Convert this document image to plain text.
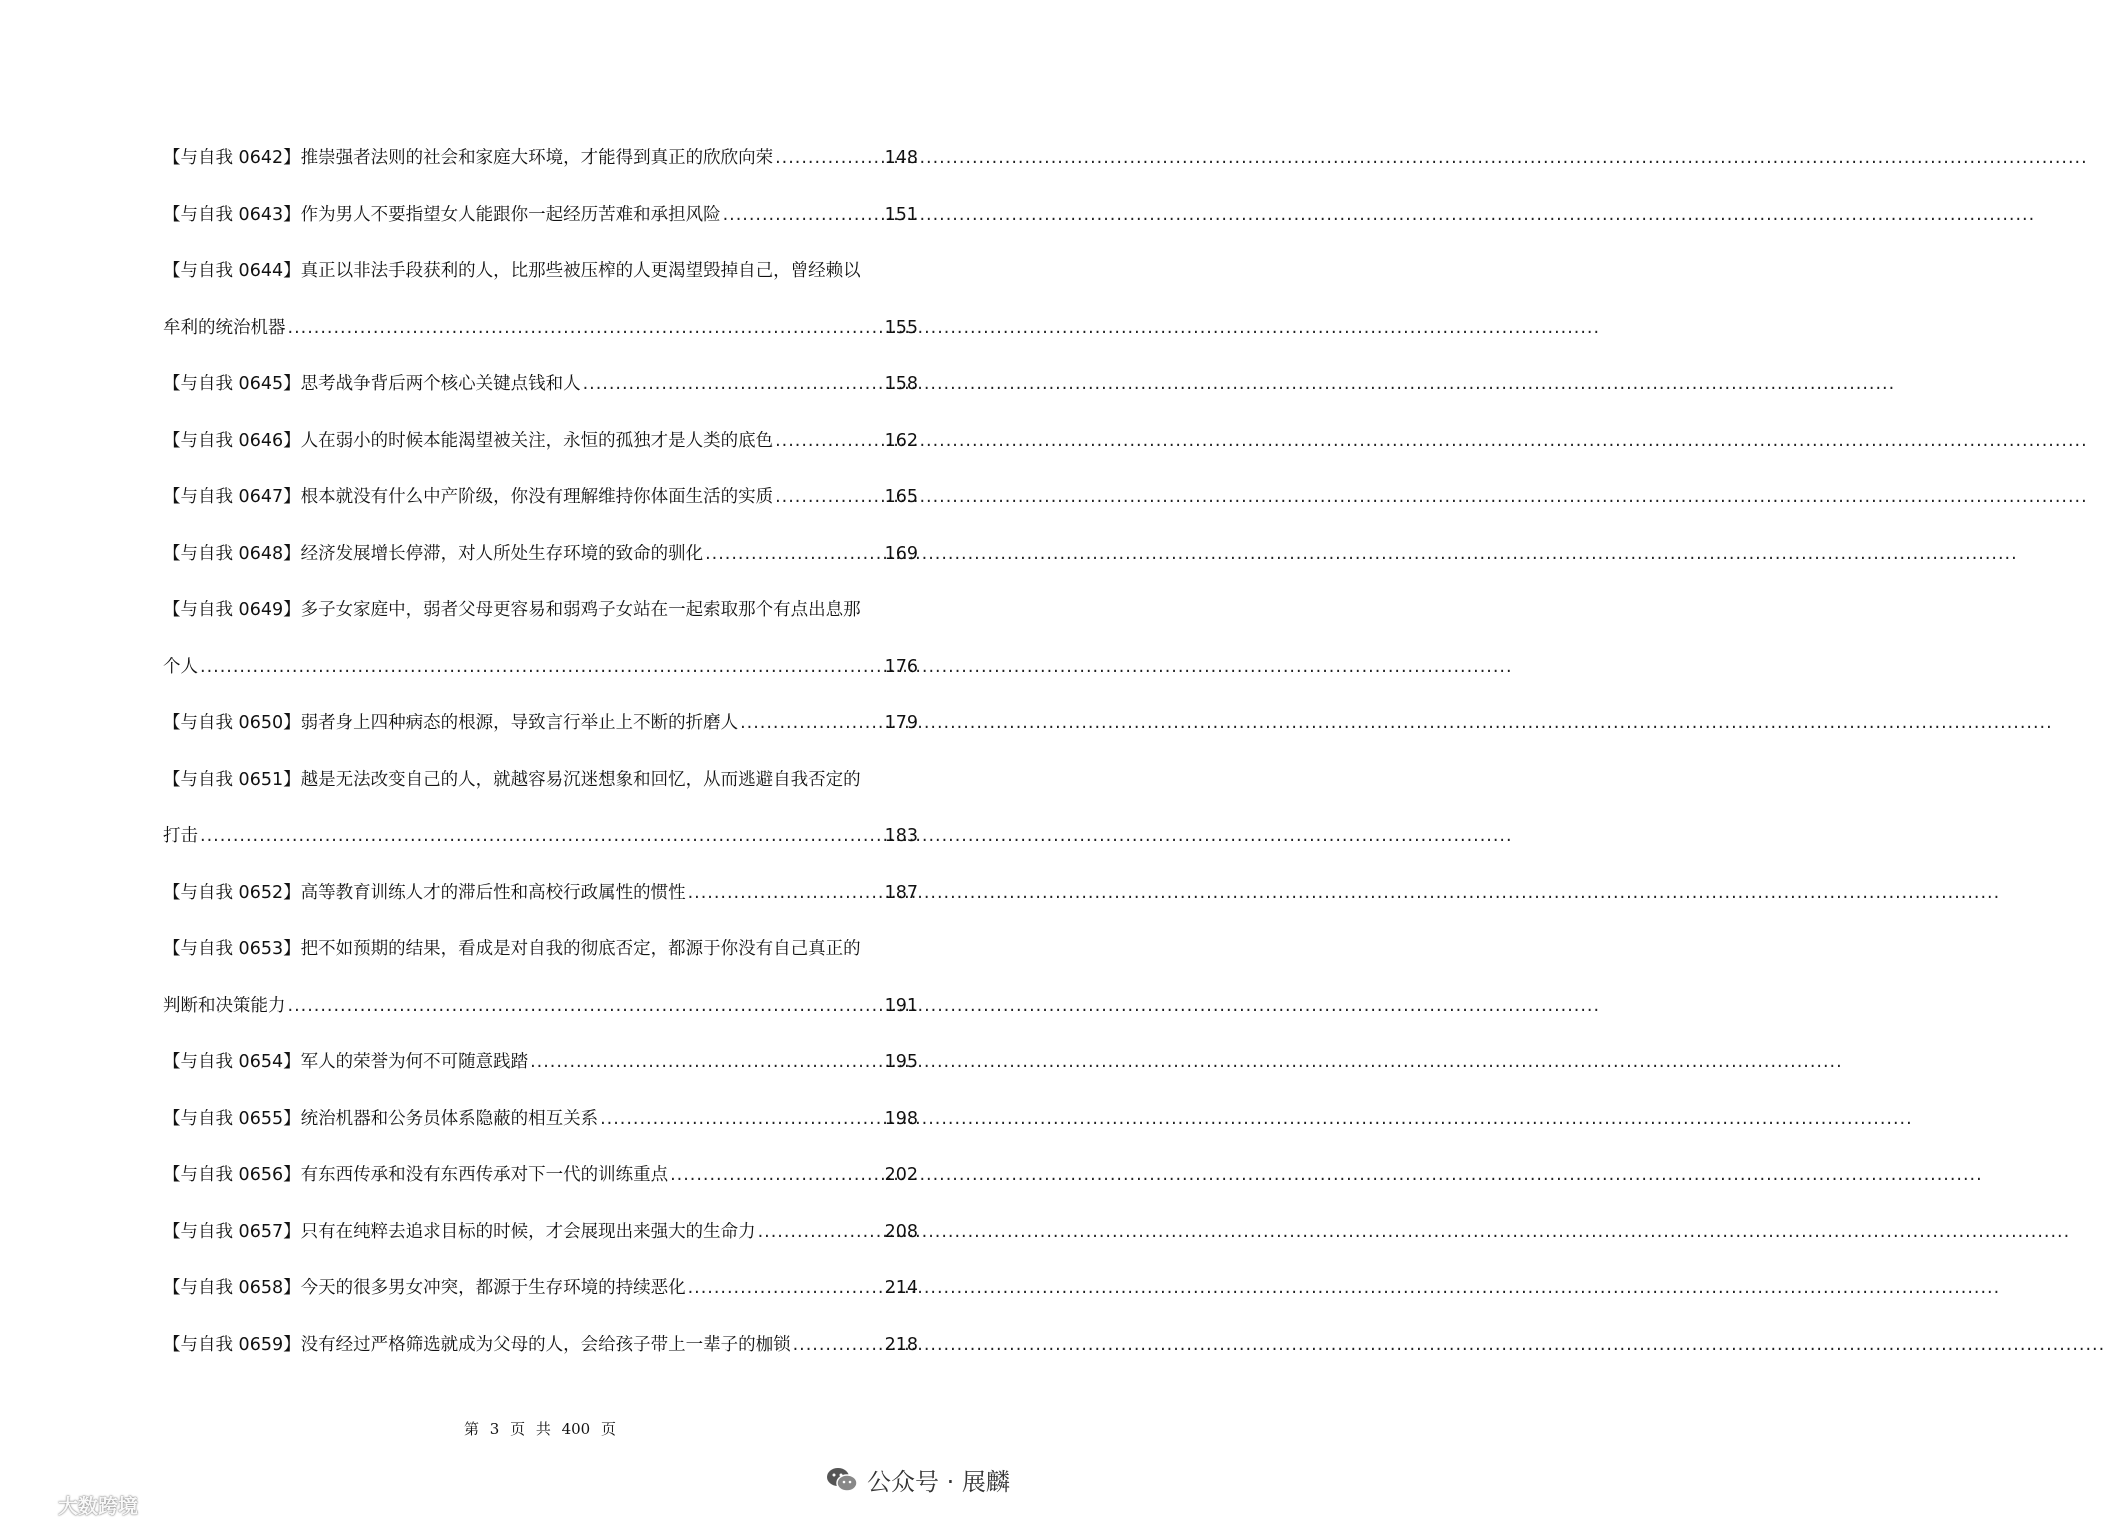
【与自我 0642】推崇强者法则的社会和家庭大环境，才能得到真正的欣欣向荣 .....	148
【与自我 0643】作为男人不要指望女人能跟你一起经历苦难和承担风险 .....	151
【与自我 0644】真正以非法手段获利的人，比那些被压榨的人更渴望毁掉自己，曾经赖以
牟利的统治机器 .....	155
【与自我 0645】思考战争背后两个核心关键点钱和人 .....	158
【与自我 0646】人在弱小的时候本能渴望被关注，永恒的孤独才是人类的底色 .....	162
【与自我 0647】根本就没有什么中产阶级，你没有理解维持你体面生活的实质 .....	165
【与自我 0648】经济发展增长停滞，对人所处生存环境的致命的驯化 .....	169
【与自我 0649】多子女家庭中，弱者父母更容易和弱鸡子女站在一起索取那个有点出息那
个人 .....	176
【与自我 0650】弱者身上四种病态的根源，导致言行举止上不断的折磨人 .....	179
【与自我 0651】越是无法改变自己的人，就越容易沉迷想象和回忆，从而逃避自我否定的
打击 .....	183
【与自我 0652】高等教育训练人才的滞后性和高校行政属性的惯性 .....	187
【与自我 0653】把不如预期的结果，看成是对自我的彻底否定，都源于你没有自己真正的
判断和决策能力 .....	191
【与自我 0654】军人的荣誉为何不可随意践踏 .....	195
【与自我 0655】统治机器和公务员体系隐蔽的相互关系 .....	198
【与自我 0656】有东西传承和没有东西传承对下一代的训练重点 .....	202
【与自我 0657】只有在纯粹去追求目标的时候，才会展现出来强大的生命力 .....	208
【与自我 0658】今天的很多男女冲突，都源于生存环境的持续恶化 .....	214
【与自我 0659】没有经过严格筛选就成为父母的人，会给孩子带上一辈子的枷锁 .....	218
第 3 页 共 400 页
大数跨境
公众号 · 展麟
